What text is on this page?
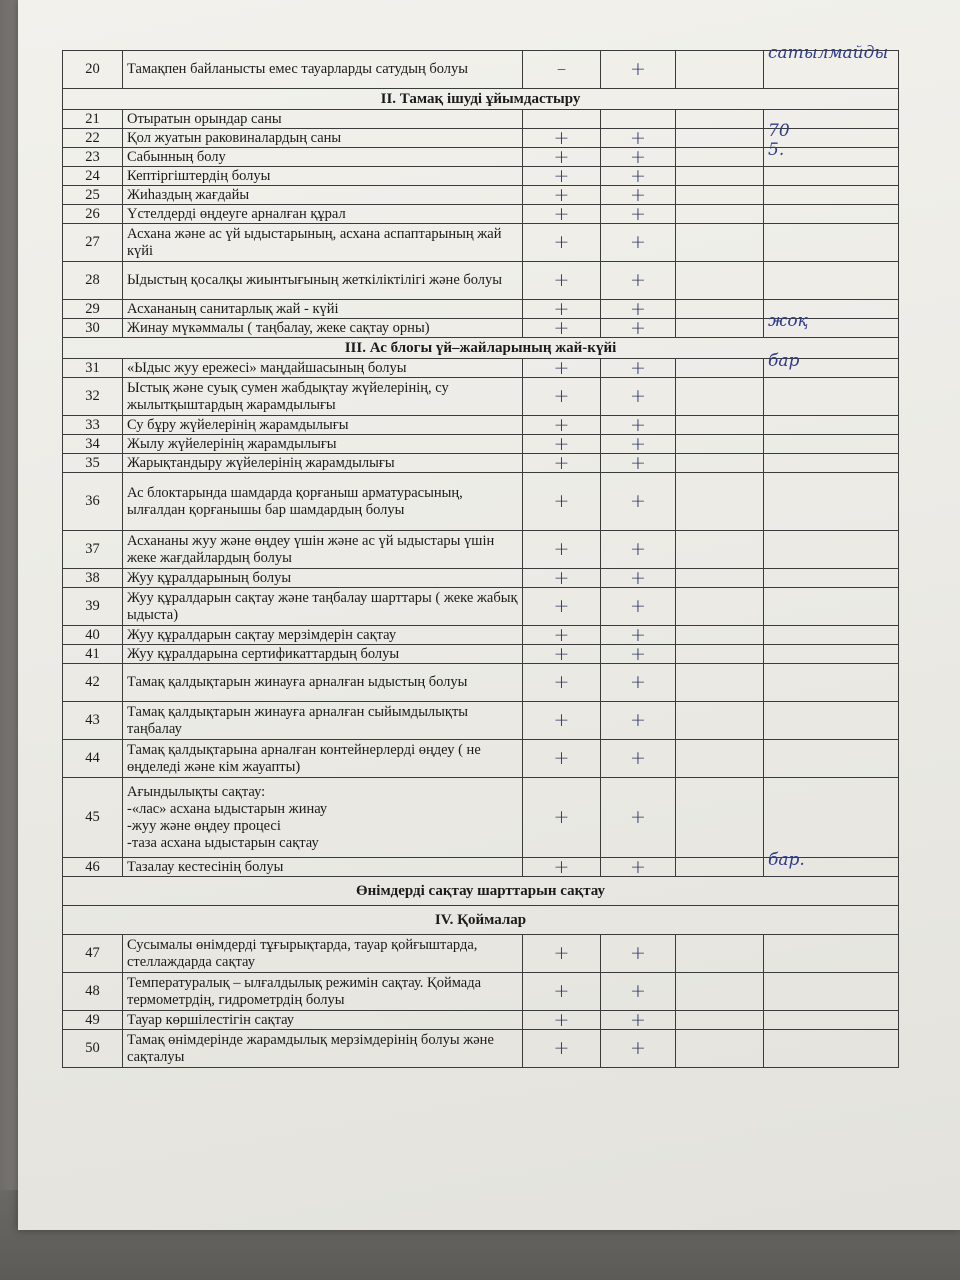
20	Тамақпен байланысты емес тауарларды сатудың болуы	–	+		сатылмайды

II. Тамақ ішуді ұйымдастыру					
21	Отыратын орындар саны				

22	Қол жуатын раковиналардың саны	+	+		70

23	Сабынның болу	+	+		5.

24	Кептіргіштердің болуы	+	+		

25	Жиһаздың жағдайы	+	+		

26	Үстелдерді өңдеуге арналған құрал	+	+		

27	Асхана және ас үй ыдыстарының, асхана аспаптарының жай күйі	+	+		

28	Ыдыстың қосалқы жиынтығының жеткіліктілігі және болуы	+	+		

29	Асхананың санитарлық жай - күйі	+	+		

30	Жинау мүкәммалы ( таңбалау, жеке сақтау орны)	+	+		жоқ

III. Ас блогы үй–жайларының жай-күйі					
31	«Ыдыс жуу ережесі» маңдайшасының болуы	+	+		бар

32	Ыстық және суық сумен жабдықтау жүйелерінің, су жылытқыштардың жарамдылығы	+	+		

33	Су бұру жүйелерінің жарамдылығы	+	+		

34	Жылу жүйелерінің жарамдылығы	+	+		

35	Жарықтандыру жүйелерінің жарамдылығы	+	+		

36	Ас блоктарында шамдарда қорғаныш арматурасының, ылғалдан қорғанышы бар шамдардың болуы	+	+		

37	Асхананы жуу және өңдеу үшін және ас үй ыдыстары үшін жеке жағдайлардың болуы	+	+		

38	Жуу құралдарының болуы	+	+		

39	Жуу құралдарын сақтау және таңбалау шарттары ( жеке жабық ыдыста)	+	+		

40	Жуу құралдарын сақтау мерзімдерін сақтау	+	+		

41	Жуу құралдарына сертификаттардың болуы	+	+		

42	Тамақ қалдықтарын жинауға арналған ыдыстың болуы	+	+		

43	Тамақ қалдықтарын жинауға арналған сыйымдылықты таңбалау	+	+		

44	Тамақ қалдықтарына арналған контейнерлерді өңдеу ( не өңделеді және кім жауапты)	+	+		

45	Ағындылықты сақтау:
-«лас» асхана ыдыстарын жинау
-жуу және өңдеу процесі
-таза асхана ыдыстарын сақтау	+	+		

46	Тазалау кестесінің болуы	+	+		бар.

Өнімдерді сақтау шарттарын сақтау					
IV. Қоймалар					
47	Сусымалы өнімдерді тұғырықтарда, тауар қойғыштарда, стеллаждарда сақтау	+	+		

48	Температуралық – ылғалдылық режимін сақтау. Қоймада термометрдің, гидрометрдің болуы	+	+		

49	Тауар көршілестігін сақтау	+	+		

50	Тамақ өнімдерінде жарамдылық мерзімдерінің болуы және сақталуы	+	+		
